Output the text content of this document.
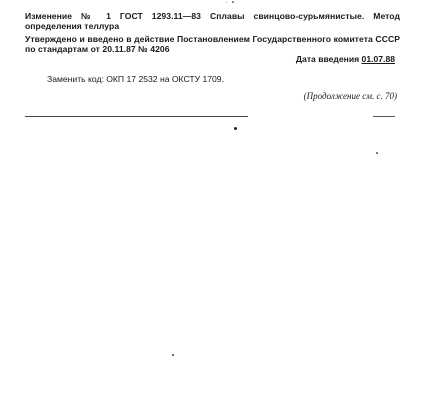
Изменение № 1 ГОСТ 1293.11—83 Сплавы свинцово-сурьмянистые. Метод определения теллура
Утверждено и введено в действие Постановлением Государственного комитета СССР по стандартам от 20.11.87 № 4206
Дата введения 01.07.88
Заменить код: ОКП 17 2532 на ОКСТУ 1709.
(Продолжение см. с. 70)
